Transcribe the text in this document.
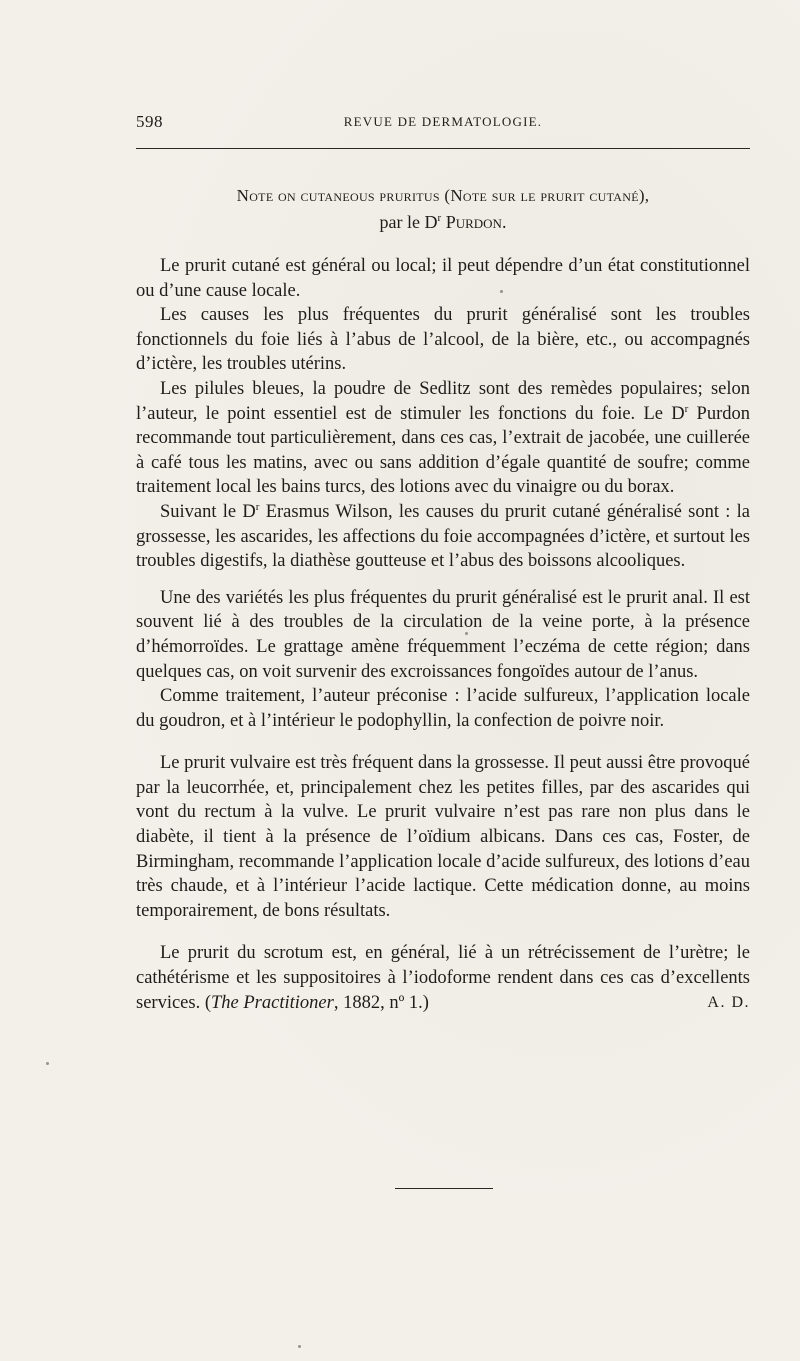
598	REVUE DE DERMATOLOGIE.
Note on cutaneous pruritus (Note sur le prurit cutané),
par le $D^r$ Purdon.

Le prurit cutané est général ou local; il peut dépendre d’un état constitutionnel ou d’une cause locale.

Les causes les plus fréquentes du prurit généralisé sont les troubles fonctionnels du foie liés à l’abus de l’alcool, de la bière, etc., ou accompagnés d’ictère, les troubles utérins.

Les pilules bleues, la poudre de Sedlitz sont des remèdes populaires; selon l’auteur, le point essentiel est de stimuler les fonctions du foie. Le $D^r$ Purdon recommande tout particulièrement, dans ces cas, l’extrait de jacobée, une cuillerée à café tous les matins, avec ou sans addition d’égale quantité de soufre; comme traitement local les bains turcs, des lotions avec du vinaigre ou du borax.

Suivant le $D^r$ Erasmus Wilson, les causes du prurit cutané généralisé sont : la grossesse, les ascarides, les affections du foie accompagnées d’ictère, et surtout les troubles digestifs, la diathèse goutteuse et l’abus des boissons alcooliques.

Une des variétés les plus fréquentes du prurit généralisé est le prurit anal. Il est souvent lié à des troubles de la circulation de la veine porte, à la présence d’hémorroïdes. Le grattage amène fréquemment l’eczéma de cette région; dans quelques cas, on voit survenir des excroissances fongoïdes autour de l’anus.

Comme traitement, l’auteur préconise : l’acide sulfureux, l’application locale du goudron, et à l’intérieur le podophyllin, la confection de poivre noir.

Le prurit vulvaire est très fréquent dans la grossesse. Il peut aussi être provoqué par la leucorrhée, et, principalement chez les petites filles, par des ascarides qui vont du rectum à la vulve. Le prurit vulvaire n’est pas rare non plus dans le diabète, il tient à la présence de l’oïdium albicans. Dans ces cas, Foster, de Birmingham, recommande l’application locale d’acide sulfureux, des lotions d’eau très chaude, et à l’intérieur l’acide lactique. Cette médication donne, au moins temporairement, de bons résultats.

Le prurit du scrotum est, en général, lié à un rétrécissement de l’urètre; le cathétérisme et les suppositoires à l’iodoforme rendent dans ces cas d’excellents services. (The Practitioner, 1882, nº 1.)	A. D.
